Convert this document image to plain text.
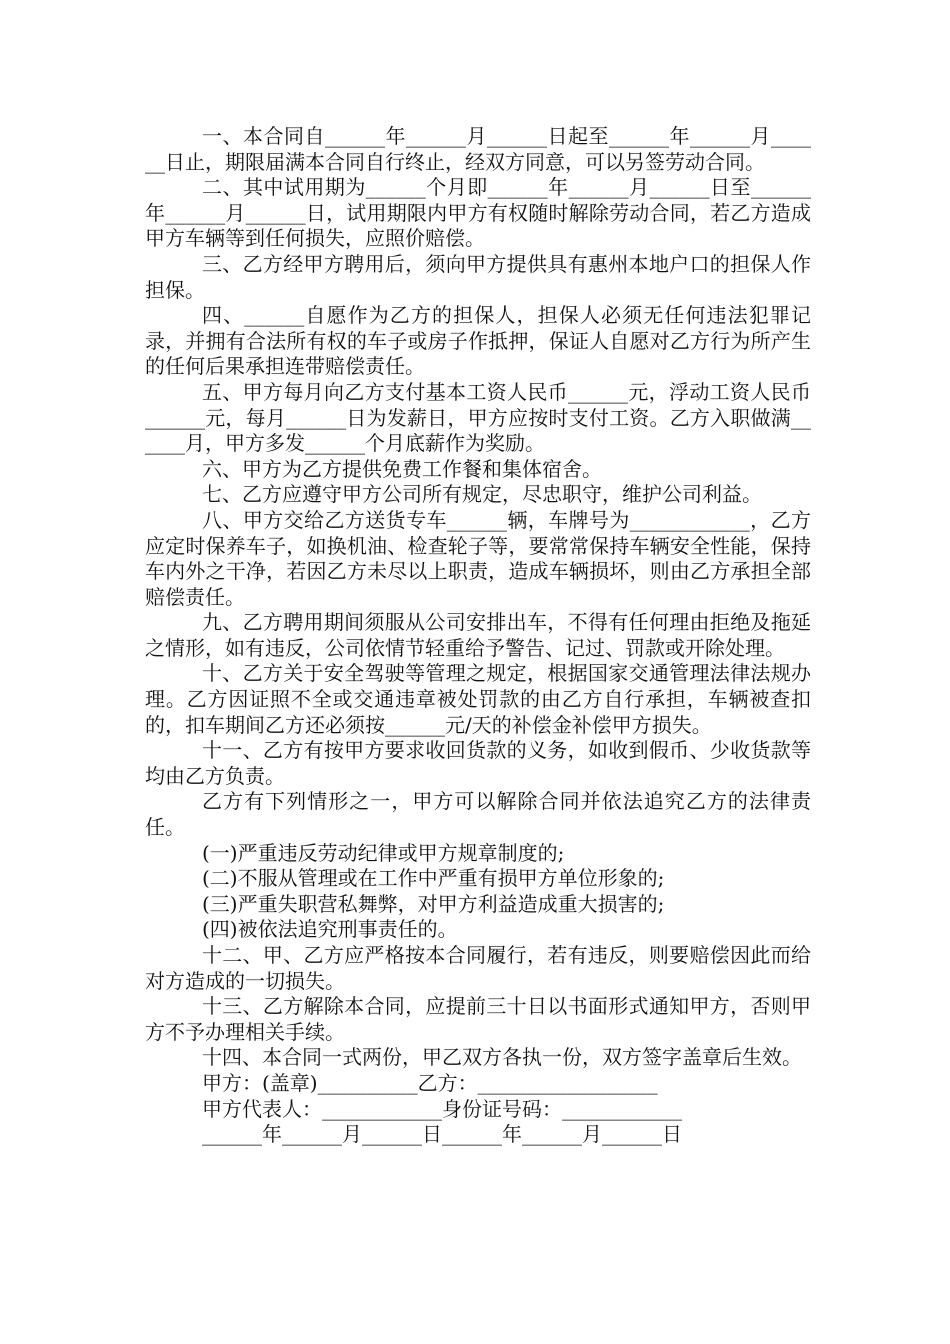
一、本合同自______年______月______日起至______年______月______日止，期限届满本合同自行终止，经双方同意，可以另签劳动合同。

二、其中试用期为______个月即______年______月______日至______年______月______日，试用期限内甲方有权随时解除劳动合同，若乙方造成甲方车辆等到任何损失，应照价赔偿。

三、乙方经甲方聘用后，须向甲方提供具有惠州本地户口的担保人作担保。

四、______自愿作为乙方的担保人，担保人必须无任何违法犯罪记录，并拥有合法所有权的车子或房子作抵押，保证人自愿对乙方行为所产生的任何后果承担连带赔偿责任。

五、甲方每月向乙方支付基本工资人民币______元，浮动工资人民币______元，每月______日为发薪日，甲方应按时支付工资。乙方入职做满______月，甲方多发______个月底薪作为奖励。

六、甲方为乙方提供免费工作餐和集体宿舍。

七、乙方应遵守甲方公司所有规定，尽忠职守，维护公司利益。

八、甲方交给乙方送货专车______辆，车牌号为____________，乙方应定时保养车子，如换机油、检查轮子等，要常常保持车辆安全性能，保持车内外之干净，若因乙方未尽以上职责，造成车辆损坏，则由乙方承担全部赔偿责任。

九、乙方聘用期间须服从公司安排出车，不得有任何理由拒绝及拖延之情形，如有违反，公司依情节轻重给予警告、记过、罚款或开除处理。

十、乙方关于安全驾驶等管理之规定，根据国家交通管理法律法规办理。乙方因证照不全或交通违章被处罚款的由乙方自行承担，车辆被查扣的，扣车期间乙方还必须按______元/天的补偿金补偿甲方损失。

十一、乙方有按甲方要求收回货款的义务，如收到假币、少收货款等均由乙方负责。

乙方有下列情形之一，甲方可以解除合同并依法追究乙方的法律责任。

(一)严重违反劳动纪律或甲方规章制度的;

(二)不服从管理或在工作中严重有损甲方单位形象的;

(三)严重失职营私舞弊，对甲方利益造成重大损害的;

(四)被依法追究刑事责任的。

十二、甲、乙方应严格按本合同履行，若有违反，则要赔偿因此而给对方造成的一切损失。

十三、乙方解除本合同，应提前三十日以书面形式通知甲方，否则甲方不予办理相关手续。

十四、本合同一式两份，甲乙双方各执一份，双方签字盖章后生效。

甲方：(盖章)__________乙方：__________________

甲方代表人：____________身份证号码：____________

______年______月______日______年______月______日
